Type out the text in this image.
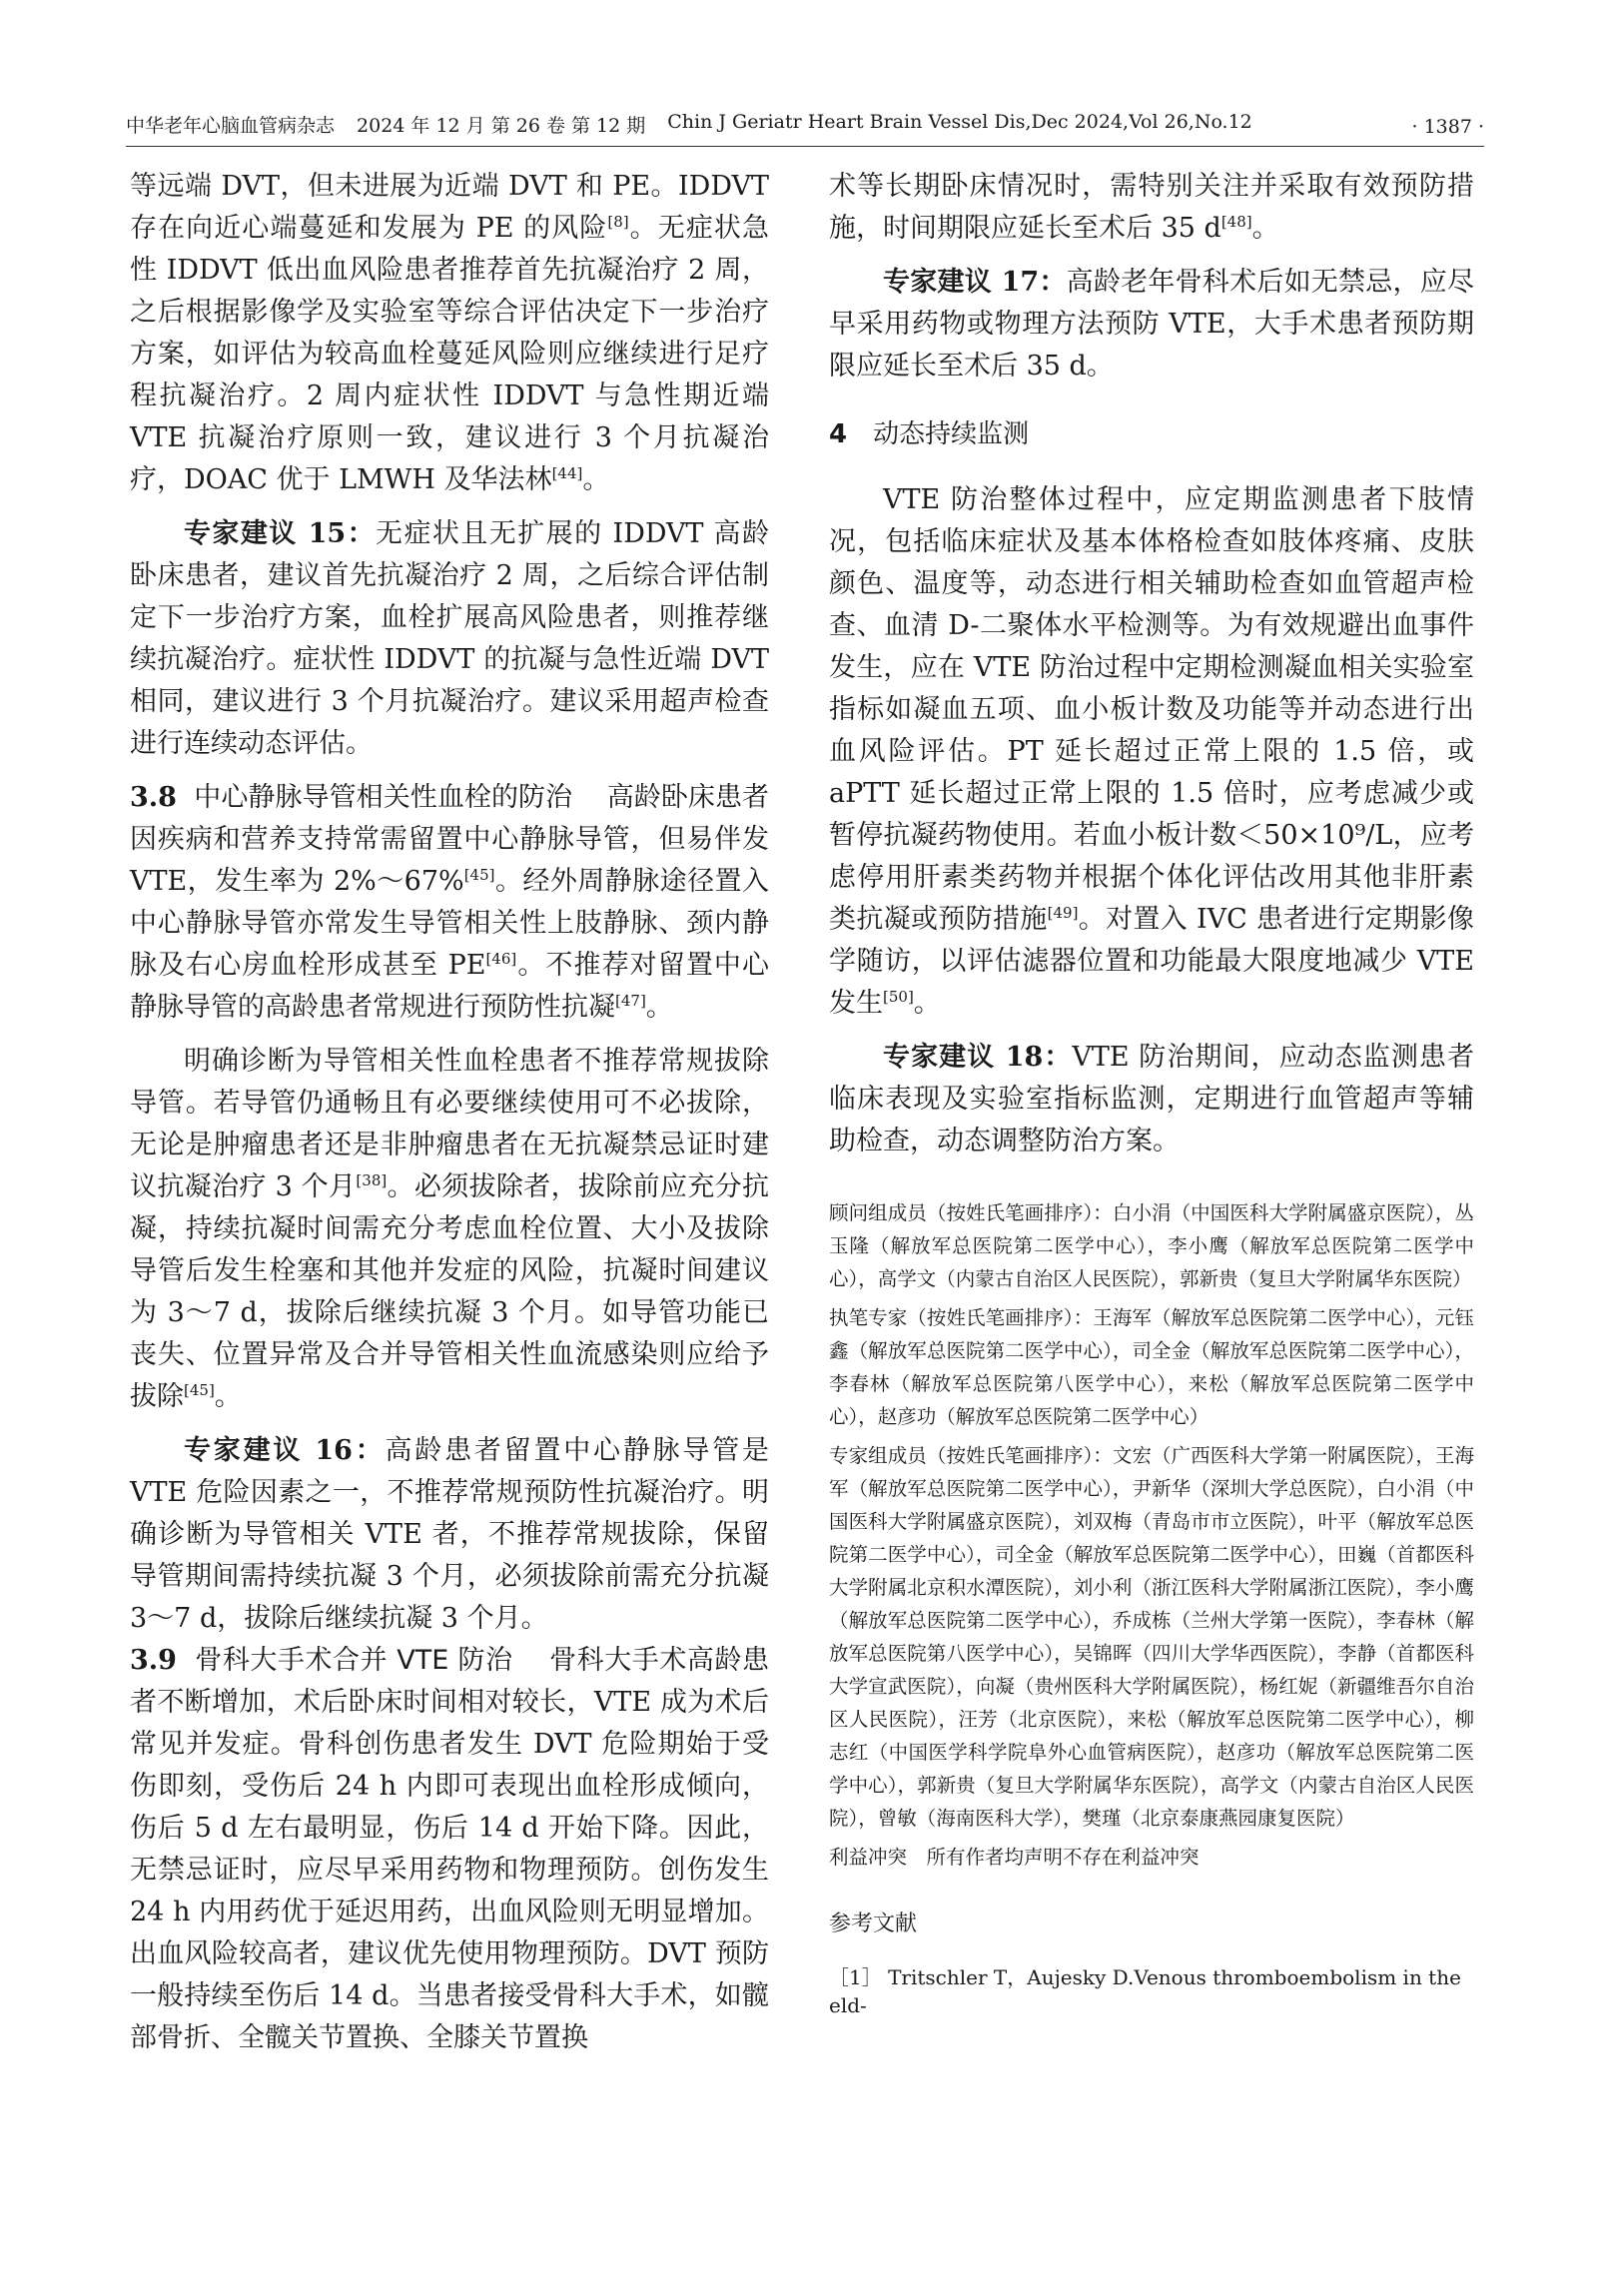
中华老年心脑血管病杂志 2024 年 12 月 第 26 卷 第 12 期 Chin J Geriatr Heart Brain Vessel Dis,Dec 2024,Vol 26,No.12	· 1387 ·

等远端 DVT，但未进展为近端 DVT 和 PE。IDDVT 存在向近心端蔓延和发展为 PE 的风险[8]。无症状急性 IDDVT 低出血风险患者推荐首先抗凝治疗 2 周，之后根据影像学及实验室等综合评估决定下一步治疗方案，如评估为较高血栓蔓延风险则应继续进行足疗程抗凝治疗。2 周内症状性 IDDVT 与急性期近端 VTE 抗凝治疗原则一致，建议进行 3 个月抗凝治疗，DOAC 优于 LMWH 及华法林[44]。

专家建议 15：无症状且无扩展的 IDDVT 高龄卧床患者，建议首先抗凝治疗 2 周，之后综合评估制定下一步治疗方案，血栓扩展高风险患者，则推荐继续抗凝治疗。症状性 IDDVT 的抗凝与急性近端 DVT 相同，建议进行 3 个月抗凝治疗。建议采用超声检查进行连续动态评估。

3.8 中心静脉导管相关性血栓的防治 高龄卧床患者因疾病和营养支持常需留置中心静脉导管，但易伴发 VTE，发生率为 2%～67%[45]。经外周静脉途径置入中心静脉导管亦常发生导管相关性上肢静脉、颈内静脉及右心房血栓形成甚至 PE[46]。不推荐对留置中心静脉导管的高龄患者常规进行预防性抗凝[47]。

明确诊断为导管相关性血栓患者不推荐常规拔除导管。若导管仍通畅且有必要继续使用可不必拔除，无论是肿瘤患者还是非肿瘤患者在无抗凝禁忌证时建议抗凝治疗 3 个月[38]。必须拔除者，拔除前应充分抗凝，持续抗凝时间需充分考虑血栓位置、大小及拔除导管后发生栓塞和其他并发症的风险，抗凝时间建议为 3～7 d，拔除后继续抗凝 3 个月。如导管功能已丧失、位置异常及合并导管相关性血流感染则应给予拔除[45]。

专家建议 16：高龄患者留置中心静脉导管是 VTE 危险因素之一，不推荐常规预防性抗凝治疗。明确诊断为导管相关 VTE 者，不推荐常规拔除，保留导管期间需持续抗凝 3 个月，必须拔除前需充分抗凝 3～7 d，拔除后继续抗凝 3 个月。

3.9 骨科大手术合并 VTE 防治 骨科大手术高龄患者不断增加，术后卧床时间相对较长，VTE 成为术后常见并发症。骨科创伤患者发生 DVT 危险期始于受伤即刻，受伤后 24 h 内即可表现出血栓形成倾向，伤后 5 d 左右最明显，伤后 14 d 开始下降。因此，无禁忌证时，应尽早采用药物和物理预防。创伤发生 24 h 内用药优于延迟用药，出血风险则无明显增加。出血风险较高者，建议优先使用物理预防。DVT 预防一般持续至伤后 14 d。当患者接受骨科大手术，如髋部骨折、全髋关节置换、全膝关节置换

术等长期卧床情况时，需特别关注并采取有效预防措施，时间期限应延长至术后 35 d[48]。

专家建议 17：高龄老年骨科术后如无禁忌，应尽早采用药物或物理方法预防 VTE，大手术患者预防期限应延长至术后 35 d。

4 动态持续监测

VTE 防治整体过程中，应定期监测患者下肢情况，包括临床症状及基本体格检查如肢体疼痛、皮肤颜色、温度等，动态进行相关辅助检查如血管超声检查、血清 D-二聚体水平检测等。为有效规避出血事件发生，应在 VTE 防治过程中定期检测凝血相关实验室指标如凝血五项、血小板计数及功能等并动态进行出血风险评估。PT 延长超过正常上限的 1.5 倍，或 aPTT 延长超过正常上限的 1.5 倍时，应考虑减少或暂停抗凝药物使用。若血小板计数＜50×10⁹/L，应考虑停用肝素类药物并根据个体化评估改用其他非肝素类抗凝或预防措施[49]。对置入 IVC 患者进行定期影像学随访，以评估滤器位置和功能最大限度地减少 VTE 发生[50]。

专家建议 18：VTE 防治期间，应动态监测患者临床表现及实验室指标监测，定期进行血管超声等辅助检查，动态调整防治方案。

顾问组成员（按姓氏笔画排序）：白小涓（中国医科大学附属盛京医院），丛玉隆（解放军总医院第二医学中心），李小鹰（解放军总医院第二医学中心），高学文（内蒙古自治区人民医院），郭新贵（复旦大学附属华东医院）

执笔专家（按姓氏笔画排序）：王海军（解放军总医院第二医学中心），元钰鑫（解放军总医院第二医学中心），司全金（解放军总医院第二医学中心），李春林（解放军总医院第八医学中心），来松（解放军总医院第二医学中心），赵彦功（解放军总医院第二医学中心）

专家组成员（按姓氏笔画排序）：文宏（广西医科大学第一附属医院），王海军（解放军总医院第二医学中心），尹新华（深圳大学总医院），白小涓（中国医科大学附属盛京医院），刘双梅（青岛市市立医院），叶平（解放军总医院第二医学中心），司全金（解放军总医院第二医学中心），田巍（首都医科大学附属北京积水潭医院），刘小利（浙江医科大学附属浙江医院），李小鹰（解放军总医院第二医学中心），乔成栋（兰州大学第一医院），李春林（解放军总医院第八医学中心），吴锦晖（四川大学华西医院），李静（首都医科大学宣武医院），向凝（贵州医科大学附属医院），杨红妮（新疆维吾尔自治区人民医院），汪芳（北京医院），来松（解放军总医院第二医学中心），柳志红（中国医学科学院阜外心血管病医院），赵彦功（解放军总医院第二医学中心），郭新贵（复旦大学附属华东医院），高学文（内蒙古自治区人民医院），曾敏（海南医科大学），樊瑾（北京泰康燕园康复医院）

利益冲突　所有作者均声明不存在利益冲突

参考文献
［1］ Tritschler T，Aujesky D.Venous thromboembolism in the eld-
